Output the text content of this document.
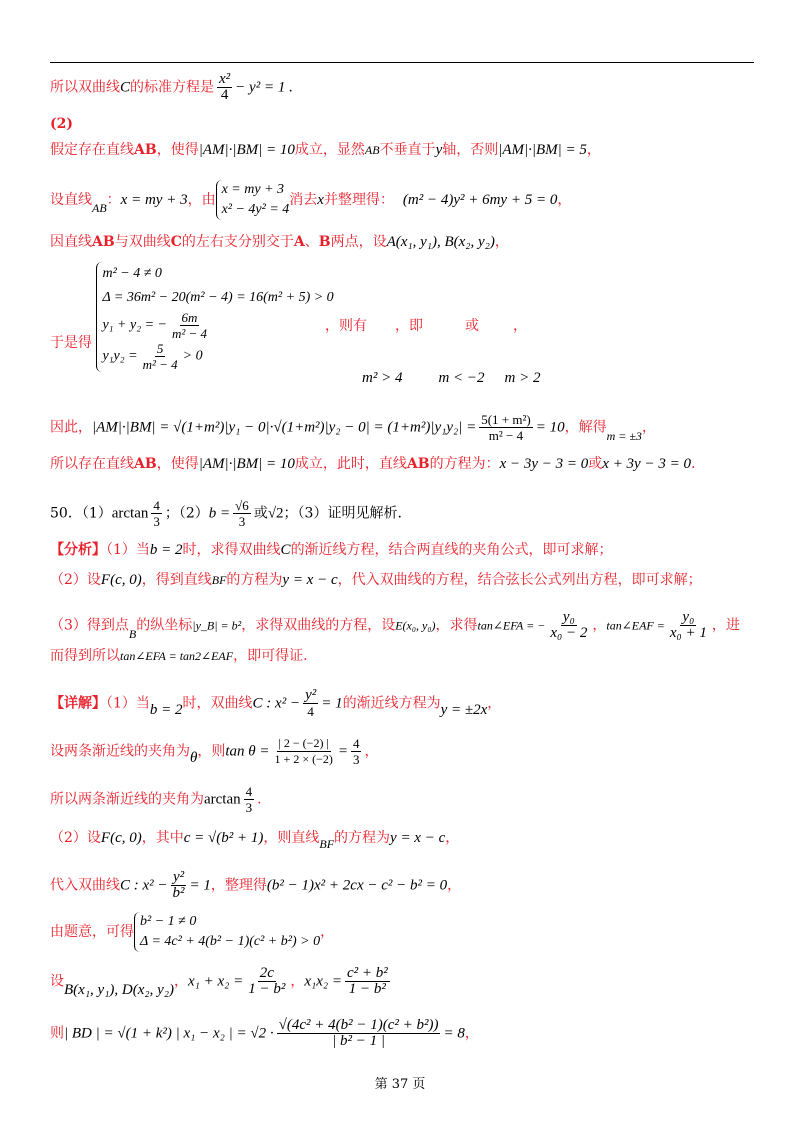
所以双曲线C的标准方程是 $\frac{\text{x²}}{4} - y^2 = 1$ .
(2)
假定存在直线AB，使得|AM|·|BM| = 10成立，显然AB不垂直于y轴，否则|AM|·|BM| = 5，
设直线AB：x = my + 3，由
x = my + 3
x² − 4y² = 4
消去x并整理得： (m² − 4)y² + 6my + 5 = 0，
因直线AB与双曲线C的左右支分别交于A、B两点，设A(x₁, y₁), B(x₂, y₂)，
于是得
m² − 4 ≠ 0
Δ = 36m² − 20(m² − 4) = 16(m² + 5) > 0
y₁ + y₂ = − $\frac{6m}{\text{m² − 4}}$
$y_1y_2 = \frac{5}{\text{m² − 4}} > 0$
，则有 ，即	或 ，
m² > 4 m < −2 m > 2
因此，$|AM|\cdot|BM| = √(1+m^2)|y_1 - 0|\cdot√(1+m^2)|y_2 - 0| = (1+m^2)|y_1y_2| = \frac{\text{5(1 + m²)}}{\text{m² − 4}} = 10$，解得m = ±3，
所以存在直线AB，使得|AM|·|BM| = 10成立，此时，直线AB的方程为：x − 3y − 3 = 0或x + 3y − 3 = 0.
50．$(1)\arctan \frac{4}{3}$ ；$(2)b = \frac{√6}{3}$ 或√2；（3）证明见解析.
【分析】（1）当b = 2时，求得双曲线C的渐近线方程，结合两直线的夹角公式，即可求解；
（2）设F(c, 0)，得到直线BF的方程为y = x − c，代入双曲线的方程，结合弦长公式列出方程，即可求解；
（3）得到点B的纵坐标|y_B| = b²，求得双曲线的方程，设E(x₀, y₀)，求得tan∠EFA = − $\frac{\text{y₀}}{\text{x₀ − 2}}$ ，tan∠EAF = $\frac{\text{y₀}}{\text{x₀ + 1}}$ ，进
而得到所以tan∠EFA = tan2∠EAF，即可得证.
【详解】（1）当b = 2时，双曲线C : $x^2 - \frac{\text{y²}}{4} = 1$的渐近线方程为y = ±2x，
设两条渐近线的夹角为θ，则$\tan \theta = \frac{| 2 - (-2) |}{1 + 2 \times (-2)} = \frac{4}{3}$ ，
所以两条渐近线的夹角为$\arctan \frac{4}{3}$ .
（2）设F(c, 0)，其中c = √(b² + 1)，则直线BF的方程为y = x − c，
代入双曲线C : $x^2 - \frac{\text{y²}}{\text{b²}} = 1$，整理得(b² − 1)x² + 2cx − c² − b² = 0，
由题意，可得
b² − 1 ≠ 0
Δ = 4c² + 4(b² − 1)(c² + b²) > 0
，
设B(x₁, y₁), D(x₂, y₂)，$x_1 + x_2 = \frac{2c}{\text{1 − b²}}$ ，$x_1x_2 = \frac{\text{c² + b²}}{\text{1 − b²}}$
则| BD | = √(1 + k²) | x₁ − x₂ | = $√2 \cdot \frac{\text{√(4c² + 4(b² − 1)(c² + b²))}}{\text{| b² − 1 |}} = 8$，
第 37 页
